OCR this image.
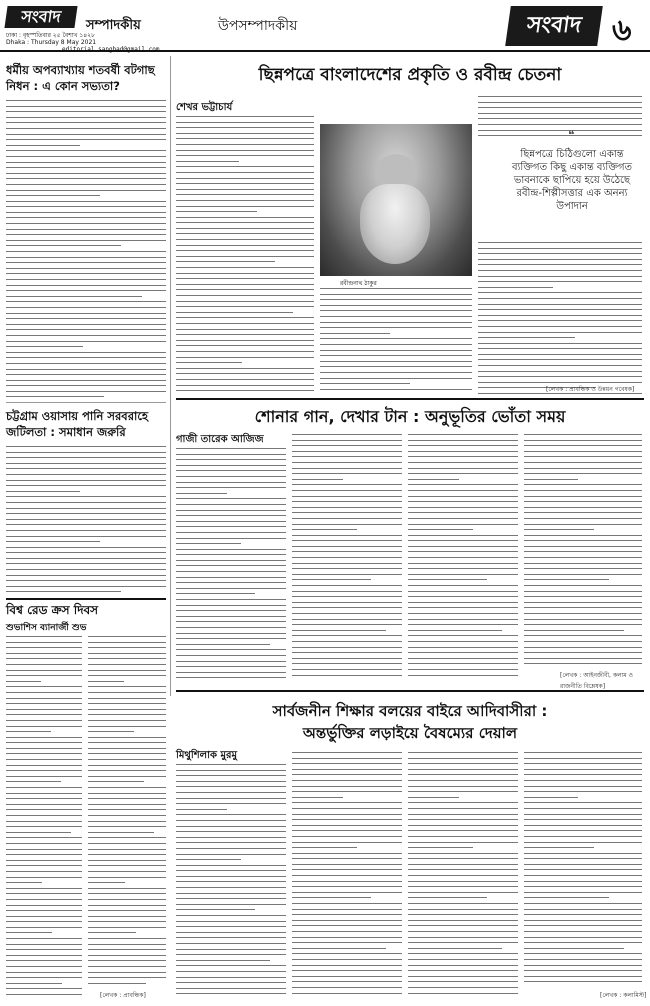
সংবাদ
ঢাকা : বৃহস্পতিবার ২৫ বৈশাখ ১৪২৮
Dhaka : Thursday 8 May 2021
সম্পাদকীয়	উপসম্পাদকীয়	সংবাদ ৬
ধর্মীয় অপব্যাখ্যায় শতবর্ষী বটগাছ নিধন : এ কোন সভ্যতা?
চট্টগ্রাম ওয়াসায় পানি সরবরাহে জটিলতা : সমাধান জরুরি
বিশ্ব রেড ক্রস দিবস
শুভাশিস ব্যানার্জী শুভ
[লেখক : প্রাবন্ধিক]
ছিন্নপত্রে বাংলাদেশের প্রকৃতি ও রবীন্দ্র চেতনা
শেখর ভট্টাচার্য
রবীন্দ্রনাথ ঠাকুর
❝
ছিন্নপত্রে চিঠিগুলো একান্ত ব্যক্তিগত কিছু একান্ত ব্যক্তিগত ভাবনাকে ছাপিয়ে হয়ে উঠেছে রবীন্দ্র-শিল্পীসত্তার এক অনন্য উপাদান
[লেখক : প্রাবন্ধিক ও উন্নয়ন গবেষক]
শোনার গান, দেখার টান : অনুভূতির ভোঁতা সময়
গাজী তারেক আজিজ
[লেখক : আইনজীবী, কলাম ও রাজনীতি বিশ্লেষক]
সার্বজনীন শিক্ষার বলয়ের বাইরে আদিবাসীরা :
অন্তর্ভুক্তির লড়াইয়ে বৈষম্যের দেয়াল
মিথুশিলাক মুরমু
[লেখক : কলামিস্ট]
